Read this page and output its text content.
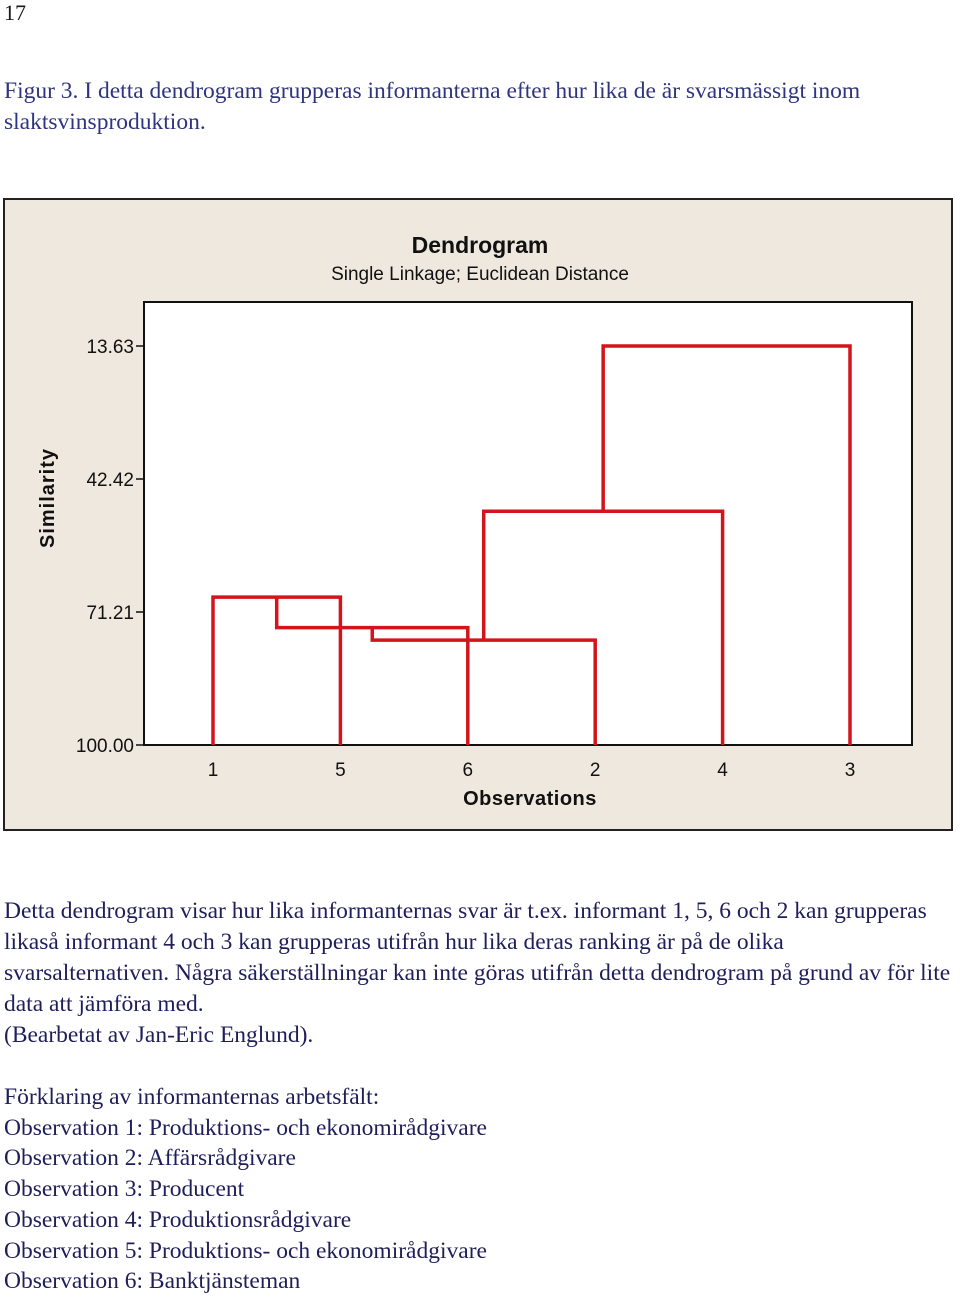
17
Figur 3. I detta dendrogram grupperas informanterna efter hur lika de är svarsmässigt inom slaktsvinsproduktion.
Dendrogram
Single Linkage; Euclidean Distance
Similarity
Observations
13.63
42.42
71.21
100.00
1	5	6	2	4	3

Detta dendrogram visar hur lika informanternas svar är t.ex. informant 1, 5, 6 och 2 kan grupperas likaså informant 4 och 3 kan grupperas utifrån hur lika deras ranking är på de olika svarsalternativen. Några säkerställningar kan inte göras utifrån detta dendrogram på grund av för lite data att jämföra med.

(Bearbetat av Jan-Eric Englund).

Förklaring av informanternas arbetsfält:
Observation 1: Produktions- och ekonomirådgivare
Observation 2: Affärsrådgivare
Observation 3: Producent
Observation 4: Produktionsrådgivare
Observation 5: Produktions- och ekonomirådgivare
Observation 6: Banktjänsteman
